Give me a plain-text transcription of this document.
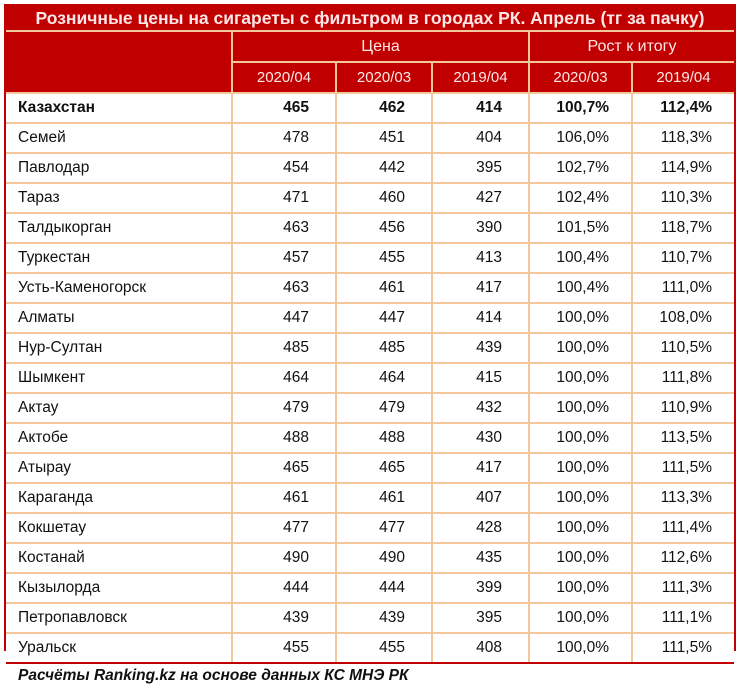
Розничные цены на сигареты с фильтром в городах РК. Апрель (тг за пачку)
	Цена			Рост к итогу	
	2020/04	2020/03	2019/04	2020/03	2019/04
Казахстан	465	462	414	100,7%	112,4%
Семей	478	451	404	106,0%	118,3%
Павлодар	454	442	395	102,7%	114,9%
Тараз	471	460	427	102,4%	110,3%
Талдыкорган	463	456	390	101,5%	118,7%
Туркестан	457	455	413	100,4%	110,7%
Усть-Каменогорск	463	461	417	100,4%	111,0%
Алматы	447	447	414	100,0%	108,0%
Нур-Султан	485	485	439	100,0%	110,5%
Шымкент	464	464	415	100,0%	111,8%
Актау	479	479	432	100,0%	110,9%
Актобе	488	488	430	100,0%	113,5%
Атырау	465	465	417	100,0%	111,5%
Караганда	461	461	407	100,0%	113,3%
Кокшетау	477	477	428	100,0%	111,4%
Костанай	490	490	435	100,0%	112,6%
Кызылорда	444	444	399	100,0%	111,3%
Петропавловск	439	439	395	100,0%	111,1%
Уральск	455	455	408	100,0%	111,5%
Расчёты Ranking.kz на основе данных КС МНЭ РК
